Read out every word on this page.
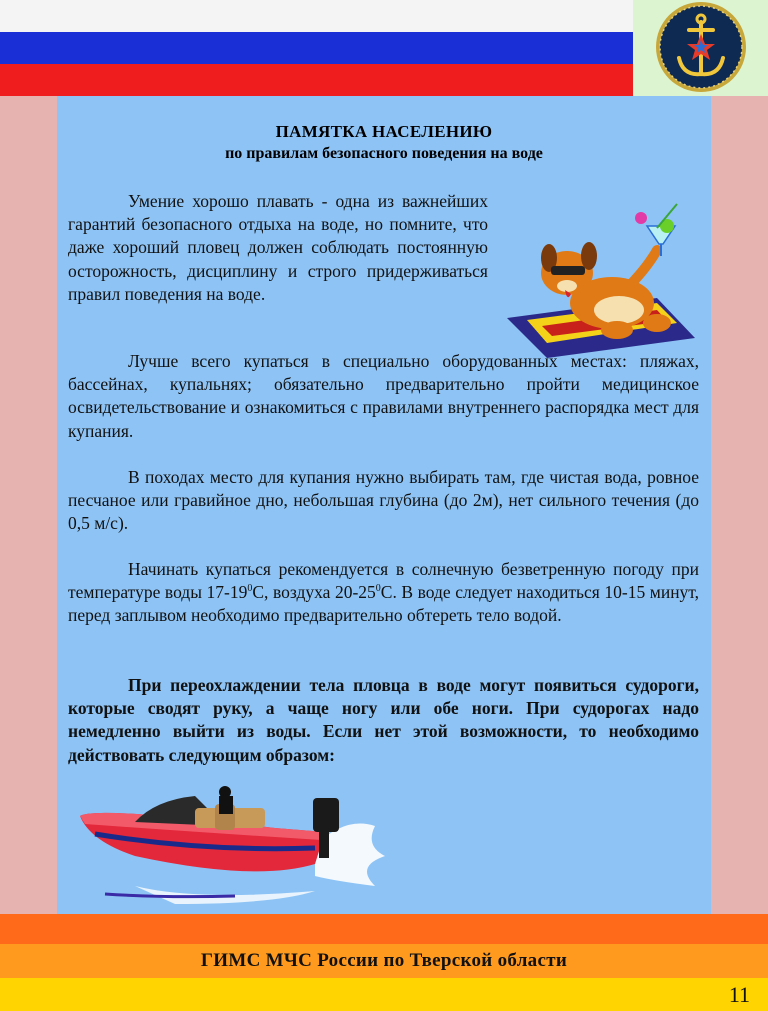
ПАМЯТКА НАСЕЛЕНИЮ
по правилам безопасного поведения на воде

Умение хорошо плавать - одна из важнейших гарантий безопасного отдыха на воде, но помните, что даже хороший пловец должен соблюдать постоянную осторожность, дисциплину и строго придерживаться правил поведения на воде.

Лучше всего купаться в специально оборудованных местах: пляжах, бассейнах, купальнях; обязательно предварительно пройти медицинское освидетельствование и ознакомиться с правилами внутреннего распорядка мест для купания.

В походах место для купания нужно выбирать там, где чистая вода, ровное песчаное или гравийное дно, небольшая глубина (до 2м), нет сильного течения (до 0,5 м/с).

Начинать купаться рекомендуется в солнечную безветренную погоду при температуре воды $17-19^0С$, воздуха $20-25^0С$. В воде следует находиться 10-15 минут, перед заплывом необходимо предварительно обтереть тело водой.

При переохлаждении тела пловца в воде могут появиться судороги, которые сводят руку, а чаще ногу или обе ноги. При судорогах надо немедленно выйти из воды. Если нет этой возможности, то необходимо действовать следующим образом:

ГИМС МЧС России по Тверской области
11
